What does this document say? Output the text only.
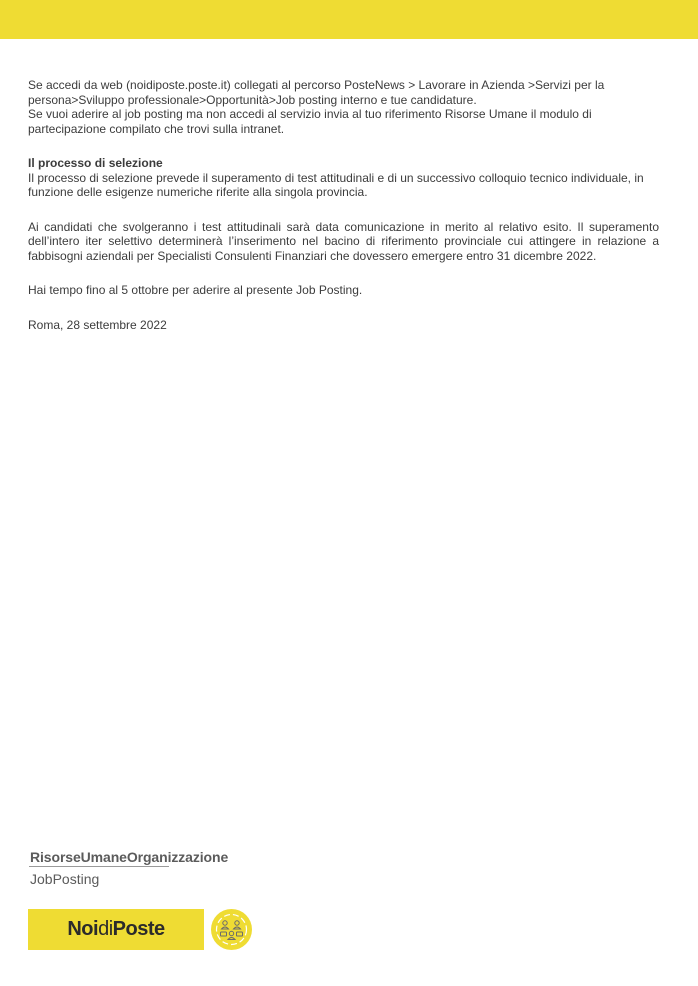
Se accedi da web (noidiposte.poste.it) collegati al percorso PosteNews > Lavorare in Azienda >Servizi per la

persona>Sviluppo professionale>Opportunità>Job posting interno e tue candidature.

Se vuoi aderire al job posting ma non accedi al servizio invia al tuo riferimento Risorse Umane il modulo di

partecipazione compilato che trovi sulla intranet.

Il processo di selezione

Il processo di selezione prevede il superamento di test attitudinali e di un successivo colloquio tecnico individuale, in funzione delle esigenze numeriche riferite alla singola provincia.

Ai candidati che svolgeranno i test attitudinali sarà data comunicazione in merito al relativo esito. Il superamento dell’intero iter selettivo determinerà l’inserimento nel bacino di riferimento provinciale cui attingere in relazione a fabbisogni aziendali per Specialisti Consulenti Finanziari che dovessero emergere entro 31 dicembre 2022.

Hai tempo fino al 5 ottobre per aderire al presente Job Posting.

Roma, 28 settembre 2022

RisorseUmaneOrganizzazione
JobPosting
Noi di Poste
